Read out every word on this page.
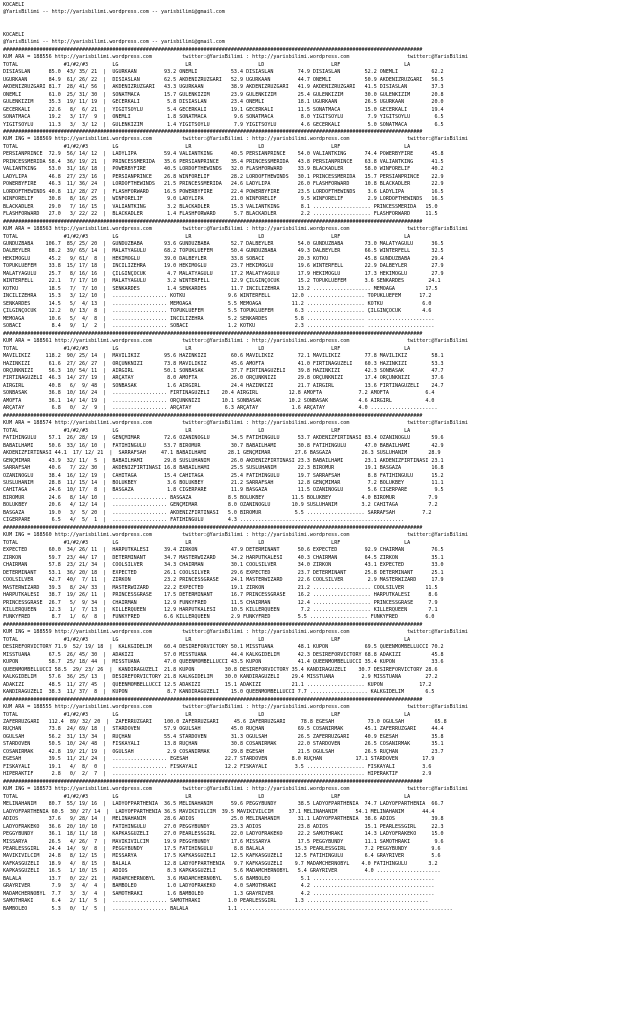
KOCAELI
@YarisBilimi -- http://yarisbilimi.wordpress.com -- yarisbilimi@gmail.com
KOCAELI
@YarisBilimi -- http://yarisbilimi.wordpress.com -- yarisbilimi@gmail.com
##########################################################################################################################################
KUM ARA = 188556 http://yarisbilimi.wordpress.com          twitter:@YarisBilimi : http://yarisbilimi.wordpress.com                   twitter:@YarisBilimi
TOTAL               #1/#2/#3        LG                      LR                      LD                      LRF                     LA
DISIASLAN      85.0  43/ 35/ 21  |  UGURKAAN         93.2 ÖNEMLI           53.4 DISIASLAN        74.9 DISIASLAN        52.2 ÖNEMLI           62.2
UGURKAAN       84.9  61/ 26/ 22  |  DISIASLAN        62.5 AKDENIZRÜZGARI   52.9 UGURKAAN         44.7 ÖNEMLI           50.9 AKDENIZRÜZGARI   56.5
AKDENIZRÜZGARI 81.7  28/ 41/ 56  |  AKDENIZRÜZGARI   43.3 UGURKAAN         38.9 AKDENIZRÜZGARI   41.9 AKDENIZRÜZGARI   41.5 DISIASLAN        37.3
ÖNEMLI         61.0  25/ 31/ 30  |  SONATMACA        15.7 GÜLENKIZIM       23.9 GÜLENKIZIM       25.4 GÜLENKIZIM       30.0 GÜLENKIZIM       20.8
GÜLENKIZIM     35.3  19/ 11/ 19  |  GECERKALI         5.8 DISIASLAN        23.4 ÖNEMLI           18.1 UGURKAAN         26.5 UGURKAAN         20.0
GECERKALI      22.6   8/  6/ 21  |  YIGITSOYLU        5.4 GECERKALI        19.1 GECERKALI        11.5 SONATMACA        15.0 GECERKALI        19.4
SONATMACA      19.2   3/ 17/  9  |  ÖNEMLI            1.8 SONATMACA         9.6 SONATMACA         8.0 YIGITSOYLU        7.9 YIGITSOYLU        6.5
YIGITSOYLU     11.3   3/  3/ 12  |  GÜLENKIZIM        1.4 YIGITSOYLU        7.9 YIGITSOYLU        4.6 GECERKALI         5.0 SONATMACA         6.5
##########################################################################################################################################
KUM ING = 188569 http://yarisbilimi.wordpress.com          twitter:@YarisBilimi : http://yarisbilimi.wordpress.com                   twitter:@YarisBilimi
TOTAL               #1/#2/#3        LG                      LR                      LD                      LRF                     LA
PERSIANPRINCE  72.9  56/ 14/ 12  |  LADYLIPA         59.4 VALIANTKING      40.5 PERSIANPRINCE    54.0 VALIANTKING      74.4 POWERBYFIRE      45.8
PRINCESSMERIDA 58.4  36/ 19/ 21  |  PRINCESSMERIDA   35.6 PERSIANPRINCE    35.4 PRINCESSMERIDA   43.8 PERSIANPRINCE    63.8 VALIANTKING      41.5
VALIANTKING    53.0  31/ 16/ 18  |  POWERBYFIRE      40.5 LORDOFTHEWINDS   32.0 FLASHFORWARD     33.9 BLACKADLER       58.0 WINFORELIF       40.2
LADYLIPA       46.8  27/ 23/ 16  |  PERSIANPRINCE    26.8 WINFORELIF       28.2 LORDOFTHEWINDS   30.1 PRINCESSMERIDA   15.7 PERSIANPRINCE    22.9
POWERBYFIRE    46.3  11/ 36/ 24  |  LORDOFTHEWINDS   21.5 PRINCESSMERIDA   24.6 LADYLIPA         26.0 FLASHFORWARD     10.8 BLACKADLER       22.9
LORDOFTHEWINDS 40.8  11/ 28/ 27  |  FLASHFORWARD     16.5 POWERBYFIRE      22.4 POWERBYFIRE      23.5 LORDOFTHEWINDS    3.6 LADYLIPA         16.5
WINFORELIF     30.8   8/ 16/ 25  |  WINFORELIF        9.0 LADYLIPA         21.0 WINFORELIF        9.5 WINFORELIF        2.9 LORDOFTHEWINDS   16.5
BLACKADLER     29.0   7/ 16/ 15  |  VALIANTKING       3.2 BLACKADLER       15.3 VALIANTKING       8.1 ................... PRINCESSMERIDA   15.0
FLASHFORWARD   27.0   3/ 22/ 22  |  BLACKADLER        1.4 FLASHFORWARD      5.7 BLACKADLER        2.2 ................... FLASHFORWARD     11.5
##########################################################################################################################################
KUM ARA = 188563 http://yarisbilimi.wordpress.com          twitter:@YarisBilimi : http://yarisbilimi.wordpress.com                   twitter:@YarisBilimi
TOTAL               #1/#2/#3        LG                      LR                      LD                      LRF                     LA
GÜNDÜZBABA    106.7  85/ 25/ 20  |  GÜNDÜZBABA       93.6 GÜNDÜZBABA       52.7 DALBEYLER        54.0 GÜNDÜZBABA       73.0 MALATYAGÜLÜ      36.5
DALBEYLER      88.2  39/ 65/ 14  |  MALATYAGÜLÜ      68.2 TOPUKLUEFEM      50.4 GÜNDÜZBABA       49.3 DALBEYLER        66.5 WINTERFELL       32.5
HEKIMOGLU      45.2   9/ 61/  8  |  HEKIMOGLU        39.0 DALBEYLER        33.8 SOBACI           20.3 KOTKU            45.8 GÜNDÜZBABA       29.4
TOPUKLUEFEM    33.8  15/ 17/ 18  |  INCILIZEHRA      19.0 HEKIMOGLU        23.7 HEKIMOGLU        19.6 WINTERFELL       22.9 DALBEYLER        27.9
MALATYAGÜLÜ    25.7   8/ 16/ 16  |  ÇILGINÇOCUK       4.7 MALATYAGÜLÜ      17.2 MALATYAGÜLÜ      17.9 HEKIMOGLU        17.3 HEKIMOGLU        27.9
WINTERFELL     22.1   7/ 17/ 10  |  MALATYAGÜLÜ       3.2 WINTERFELL       12.9 ÇILGINÇOCUK      15.2 TOPUKLUEFEM      3.6 SENKARDES        24.1
KOTKU          18.5   7/  7/ 10  |  SENKARDES         1.4 SENKARDES        11.7 INCILIZEHRA      13.2 ................... MEMOAGA          17.5
INCILIZEHRA    15.3   3/ 12/ 10  |  .................. KOTKU              9.6 WINTERFELL       12.0 ................... TOPUKLUEFEM      17.2
SENKARDES      14.5   5/  4/ 13  |  .................. MEMOAGA            5.5 MEMOAGA          11.2 ................... KOTKU             6.0
ÇILGINÇOCUK    12.2   0/ 13/  8  |  .................. TOPUKLUEFEM        5.5 TOPUKLUEFEM       6.3 ................... ÇILGINÇOCUK       4.6
MEMOAGA        10.6   5/  4/  8  |  .................. INCILIZEHRA        5.2 SENKARDES         5.8 ................... ......................
SOBACI          8.4   9/  1/  2  |  .................. SOBACI             1.2 KOTKU             2.3 ................... ......................
##########################################################################################################################################
KUM ARA = 188561 http://yarisbilimi.wordpress.com          twitter:@YarisBilimi : http://yarisbilimi.wordpress.com                   twitter:@YarisBilimi
TOTAL               #1/#2/#3        LG                      LR                      LD                      LRF                     LA
MAVILIKIZ     118.2  90/ 25/ 14  |  MAVILIKIZ        95.6 HAZINKIZI        60.6 MAVILIKIZ        72.1 MAVILIKIZ        77.8 MAVILIKIZ        58.1
HAZINKIZI      61.6  27/ 26/ 27  |  ORÇUNKNIZI       73.8 MAVILIKIZ        45.6 AMOFTA           41.0 FIRTINAGÜZELI    60.3 HAZINKIZI        53.3
ORÇUNKNIZI     56.3  10/ 54/ 11  |  AIRGIRL          50.1 SONBASAK         37.7 FIRTINAGÜZELI    39.8 HAZINKIZI        42.3 SONBASAK         47.7
FIRTINAGÜZELI  46.3  14/ 27/ 19  |  ARÇATAY           8.0 AMOFTA           26.0 ORÇUNKNIZI       29.8 ORÇUNKNIZI       17.4 ORÇUNKNIZI       37.6
AIRGIRL        40.8   6/  9/ 48  |  SONBASAK          1.6 AIRGIRL          24.4 HAZINKIZI        21.7 AIRGIRL          13.6 FIRTINAGÜZELI    24.7
SONBASAK       36.8  10/ 16/ 24  |  .................. FIRTINAGÜZELI    20.4 AIRGIRL          12.8 AMOFTA            7.2 AMOFTA            6.4
AMOFTA         36.1  14/ 14/ 19  |  .................. ORÇUNKNIZI       10.1 SONBASAK         10.2 SONBASAK          4.6 AIRGIRL           4.0
ARÇATAY         6.8   0/  2/  9  |  .................. ARÇATAY           6.3 ARÇATAY           1.6 ARÇATAY           4.0 ......................
##########################################################################################################################################
KUM ARA = 188574 http://yarisbilimi.wordpress.com          twitter:@YarisBilimi : http://yarisbilimi.wordpress.com                   twitter:@YarisBilimi
TOTAL               #1/#2/#3        LG                      LR                      LD                      LRF                     LA
FATIHINGÜLÜ    57.1  26/ 28/ 19  |  GENÇMIMAR        72.6 OZANINOGLU       34.5 FATIHINGÜLÜ      53.7 AKDENIZFIRTINASI 83.4 OZANINOGLU       59.6
BABAILHAMI     50.6  33/ 16/ 10  |  FATIHINGÜLÜ      53.7 BIRÖMÜR          30.7 BABAILHAMI       30.8 FATIHINGÜLÜ      47.0 BABAILHAMI       42.9
AKDENIZFIRTINASI 44.1  17/ 12/ 21  |  SARRAFSAH     47.1 BABAILHAMI       28.1 GENÇMIMAR        27.6 BASGAZA          26.3 SÜSLÜHANIM       28.9
GENÇMIMAR      43.9  32/ 11/  5  |  BABAILHAMI       29.8 SÜSLÜHANIM       26.0 AKDENIZFIRTINASI 23.3 BABAILHAMI       23.1 AKDENIZFIRTINASI 23.1
SARRAFSAH      40.6   7/ 22/ 30  |  AKDENIZFIRTINASI 16.8 BABAILHAMI       25.5 SÜSLÜHANIM       22.3 BIRÖMÜR          19.1 BASGAZA          16.8
OZANINOGLU     38.4  16/ 12/ 19  |  CAHITAGA         15.4 CAHITAGA         25.4 FATIHINGÜLÜ      19.7 SARRAFSAH         8.8 FATIHINGÜLÜ      15.2
SÜSLÜHANIM     28.8  11/ 15/ 14  |  BÖLÜKBEY          3.6 BÖLÜKBEY         21.2 SARRAFSAH        12.8 GENÇMIMAR         7.2 BÖLÜKBEY         11.1
CAHITAGA       24.6  10/ 17/  8  |  BASGAZA           1.8 CIGERPARE        11.9 BASGAZA          11.5 OZANINOGLU        5.6 CIGERPARE         9.5
BIRÖMÜR        24.6   8/ 14/ 10  |  .................. BASGAZA            8.5 BÖLÜKBEY         11.5 BÖLÜKBEY          4.0 BIRÖMÜR           7.9
BÖLÜKBEY       20.6   4/ 12/ 14  |  .................. GENÇMIMAR          8.0 OZANINOGLU       10.9 SÜSLÜHANIM        3.2 CAHITAGA          7.2
BASGAZA        19.0   3/  5/ 20  |  .................. AKDENIZFIRTINASI   5.0 BIRÖMÜR           5.5 ................... SARRAFSAH         7.2
CIGERPARE       6.5   4/  5/  1  |  .................. FATIHINGÜLÜ        4.3 ......................................................
##########################################################################################################################################
KUM ING = 188560 http://yarisbilimi.wordpress.com          twitter:@YarisBilimi : http://yarisbilimi.wordpress.com                   twitter:@YarisBilimi
TOTAL               #1/#2/#3        LG                      LR                      LD                      LRF                     LA
EXPECTED       60.0  34/ 26/ 11  |  HARPUTKALESI     39.4 ZIRKON           47.9 DETERMINANT      50.6 EXPECTED         92.9 CHAIRMAN         76.5
ZIRKON         59.7  23/ 44/ 17  |  DETERMINANT      34.7 MASTERWIZARD     34.2 HARPUTKALESI     40.3 CHAIRMAN         64.5 ZIRKON           35.1
CHAIRMAN       57.8  23/ 21/ 34  |  COOLSILVER       34.3 CHAIRMAN         30.1 COOLSILVER       34.0 ZIRKON           43.1 EXPECTED         33.0
DETERMINANT    53.1  36/ 20/ 18  |  EXPECTED         26.1 COOLSILVER       29.6 EXPECTED         23.7 DETERMINANT      25.8 DETERMINANT      25.1
COOLSILVER     42.7  40/  7/ 11  |  ZIRKON           23.2 PRINCESSGRASE    24.1 MASTERWIZARD     22.6 COOLSILVER        2.9 MASTERWIZARD     17.9
MASTERWIZARD   39.3   8/ 24/ 33  |  MASTERWIZARD     22.2 EXPECTED         19.1 ZIRKON           21.2 ................... COOLSILVER       11.5
HARPUTKALESI   38.7  19/ 26/ 11  |  PRINCESSGRASE    17.5 DETERMINANT      16.7 PRINCESSGRASE    16.2 ................... HARPUTKALESI      8.6
PRINCESSGRASE  26.7   5/  9/ 34  |  CHAIRMAN         12.9 FUNKYFRED        11.5 CHAIRMAN         12.4 ................... PRINCESSGRASE     7.9
KILLERQUEEN    12.3   1/  7/ 13  |  KILLERQUEEN      12.9 HARPUTKALESI     10.5 KILLERQUEEN       7.2 ................... KILLERQUEEN       7.1
FUNKYFRED       8.7   1/  6/  8  |  FUNKYFRED        6.6 KILLERQUEEN       2.9 FUNKYFRED         5.5 ................... FUNKYFRED         6.0
##########################################################################################################################################
KUM ING = 188559 http://yarisbilimi.wordpress.com          twitter:@YarisBilimi : http://yarisbilimi.wordpress.com                   twitter:@YarisBilimi
TOTAL               #1/#2/#3        LG                      LR                      LD                      LRF                     LA
DESIREFORVICTORY 71.9  52/ 19/ 18  |  KALKGIDELIM    60.4 DESIREFORVICTORY 50.1 MISSTUANA        48.1 KUPON            69.5 QUEENMOMBELLUCCI 70.2
MISSTUANA      67.5  26/ 45/ 30  |  ADAKIZI          57.0 MISSTUANA        44.4 KALKGIDELIM      42.3 DESIREFORVICTORY 68.8 ADAKIZI          45.8
KUPON          58.7  25/ 18/ 44  |  MISSTUANA        47.0 QUEENMOMBELLUCCI 43.5 KUPON            41.4 QUEENMOMBELLUCCI 35.4 KUPON            33.6
QUEENMOMBELLUCCI 58.5  29/ 23/ 26  |  KANDIRAGÜZELI  21.8 KUPON          30.8 DESIREFORVICTORY 35.4 KANDIRAGÜZELI    30.7 DESIREFORVICTORY 28.6
KALKGIDELIM    57.6  36/ 25/ 13  |  DESIREFORVICTORY 21.8 KALKGIDELIM    30.0 KANDIRAGÜZELI    29.4 MISSTUANA         2.9 MISSTUANA        27.2
ADAKIZI        48.5  11/ 27/ 45  |  QUEENMOMBELLUCCI 12.5 ADAKIZI        15.1 ADAKIZI          21.1 ................... KUPON            17.2
KANDIRAGÜZELI  38.3  11/ 37/  8  |  KUPON             8.7 KANDIRAGÜZELI    15.0 QUEENMOMBELLUCCI 7.7 ................... KALKGIDELIM       6.5
##########################################################################################################################################
KUM ARA = 188555 http://yarisbilimi.wordpress.com          twitter:@YarisBilimi : http://yarisbilimi.wordpress.com                   twitter:@YarisBilimi
TOTAL               #1/#2/#3        LG                      LR                      LD                      LRF                     LA
ZAFERRÜZGARI   112.4  89/ 32/ 20  |  ZAFERRÜZGARI    100.0 ZAFERRÜZGARI     45.6 ZAFERRÜZGARI     78.8 EGESAH           73.0 OGULSAH          65.8
RÜÇHAN         73.8  24/ 69/ 18  |  STARDÖVEN        57.9 OGULSAH          45.0 RÜÇHAN           69.5 COSANIRMAK       45.1 ZAFERRÜZGARI     44.4
OGULSAH        56.2  31/ 13/ 34  |  RÜÇHAN           55.4 STARDÖVEN        31.3 OGULSAH          26.5 ZAFERRÜZGARI     40.9 EGESAH           35.8
STARDÖVEN      50.5  10/ 24/ 48  |  FISKAYALI        13.8 RÜÇHAN           30.8 COSANIRMAK       22.0 STARDÖVEN        26.5 COSANIRMAK       35.1
COSANIRMAK     42.8  19/ 21/ 19  |  OGULSAH           2.9 COSANIRMAK       29.8 EGESAH           21.5 OGULSAH          26.5 RÜÇHAN           23.7
EGESAH         39.5  11/ 21/ 24  |  .................. EGESAH            22.7 STARDÖVEN        8.0 RÜÇHAN           17.1 STARDÖVEN        17.9
FISKAYALI      19.1   4/  8/  0  |  .................. FISKAYALI         12.2 FISKAYALI         3.5 ................... FISKAYALI         3.6
HIPERAKTIF      2.8   0/  2/  7  |  .................. ................................................................ HIPERAKTIF        2.9
##########################################################################################################################################
KUM ING = 188573 http://yarisbilimi.wordpress.com          twitter:@YarisBilimi : http://yarisbilimi.wordpress.com                   twitter:@YarisBilimi
TOTAL               #1/#2/#3        LG                      LR                      LD                      LRF                     LA
MELINAHANIM    80.7  55/ 19/ 16  |  LADYOFPARTHENIA  36.5 MELINAHANIM      59.6 PEGGYBUNDY       38.5 LADYOFPARTHENIA  74.7 LADYOFPARTHENIA  66.7
LADYOFPARTHENIA 60.5  30/ 27/ 14  |  LADYOFPARTHENIA 36.5 MAVIKIVILCIM  39.5 MAVIKIVILCIM     37.1 MELINAHANIM      54.1 MELINAHANIM      44.4
ADIOS          37.6   9/ 28/ 14  |  MELINAHANIM      28.6 ADIOS            25.0 MELINAHANIM      31.1 LADYOFPARTHENIA  38.6 ADIOS            39.8
LADYOFRAKEKO   36.6  20/ 10/ 10  |  FATIHINGÜLÜ      27.0 PEGGYBUNDY       23.3 ADIOS            23.8 ADIOS            15.1 PEARLESSGIRL     22.3
PEGGYBUNDY     36.1  18/ 11/ 18  |  KAPKASGÜZELI     27.0 PEARLESSGIRL     22.0 LADYOFRAKEKO     22.2 SAMOTHRAKI       14.3 LADYOFRAKEKO     15.0
MISSARYA       26.5   4/ 26/  7  |  MAVIKIVILCIM     19.9 PEGGYBUNDY       17.6 MISSARYA         17.5 PEGGYBUNDY       11.1 SAMOTHRAKI        9.6
PEARLESSGIRL   24.4  14/  9/  8  |  PEGGYBUNDY       17.5 FATIHINGÜLÜ       8.8 BALALA          15.3 PEARLESSGIRL      7.2 PEGGYBUNDY        9.6
MAVIKIVILCIM   24.8   8/ 12/ 15  |  MISSARYA         17.5 KAFKASGÜZELI     12.5 KAFKASGÜZELI    12.5 FATIHINGÜLÜ       6.4 GRAYRIVER         5.6
KAFKASGÜZELI   18.9   4/  8/ 15  |  BALALA           12.8 LADYOFPARTHENIA   9.7 KAFKASGÜZELI    9.7 MADAMCHERNOBYL    4.0 FATIHINGÜLÜ       3.2
KAPKASGÜZELI   16.5   1/ 10/ 15  |  ADIOS             8.3 KAPKASGÜZELI      5.6 MADAMCHERNOBYL   5.4 GRAYRIVER         4.0 .....................
BALALA         13.7   0/ 22/ 21  |  MADAMCHERNOBYL    3.6 MADAMCHERNOBYL    5.6 BAMBOLEO          5.1 ........................................
GRAYRIVER       7.9   3/  4/  4  |  BAMBOLEO          1.0 LADYOFRAKEKO      4.0 SAMOTHRAKI        4.2 ........................................
MADAMCHERNOBYL  7.7   3/  3/  4  |  SAMOTHRAKI        1.6 BAMBOLEO          1.3 GRAYRIVER         4.2 ........................................
SAMOTHRAKI      6.4   2/ 11/  5  |  .................. SAMOTHRAKI         1.0 PEARLESSGIRL      1.3 ........................................
BAMBOLEO        5.3   0/  1/  5  |  .................. BALALA             1.1 ......................................................................
